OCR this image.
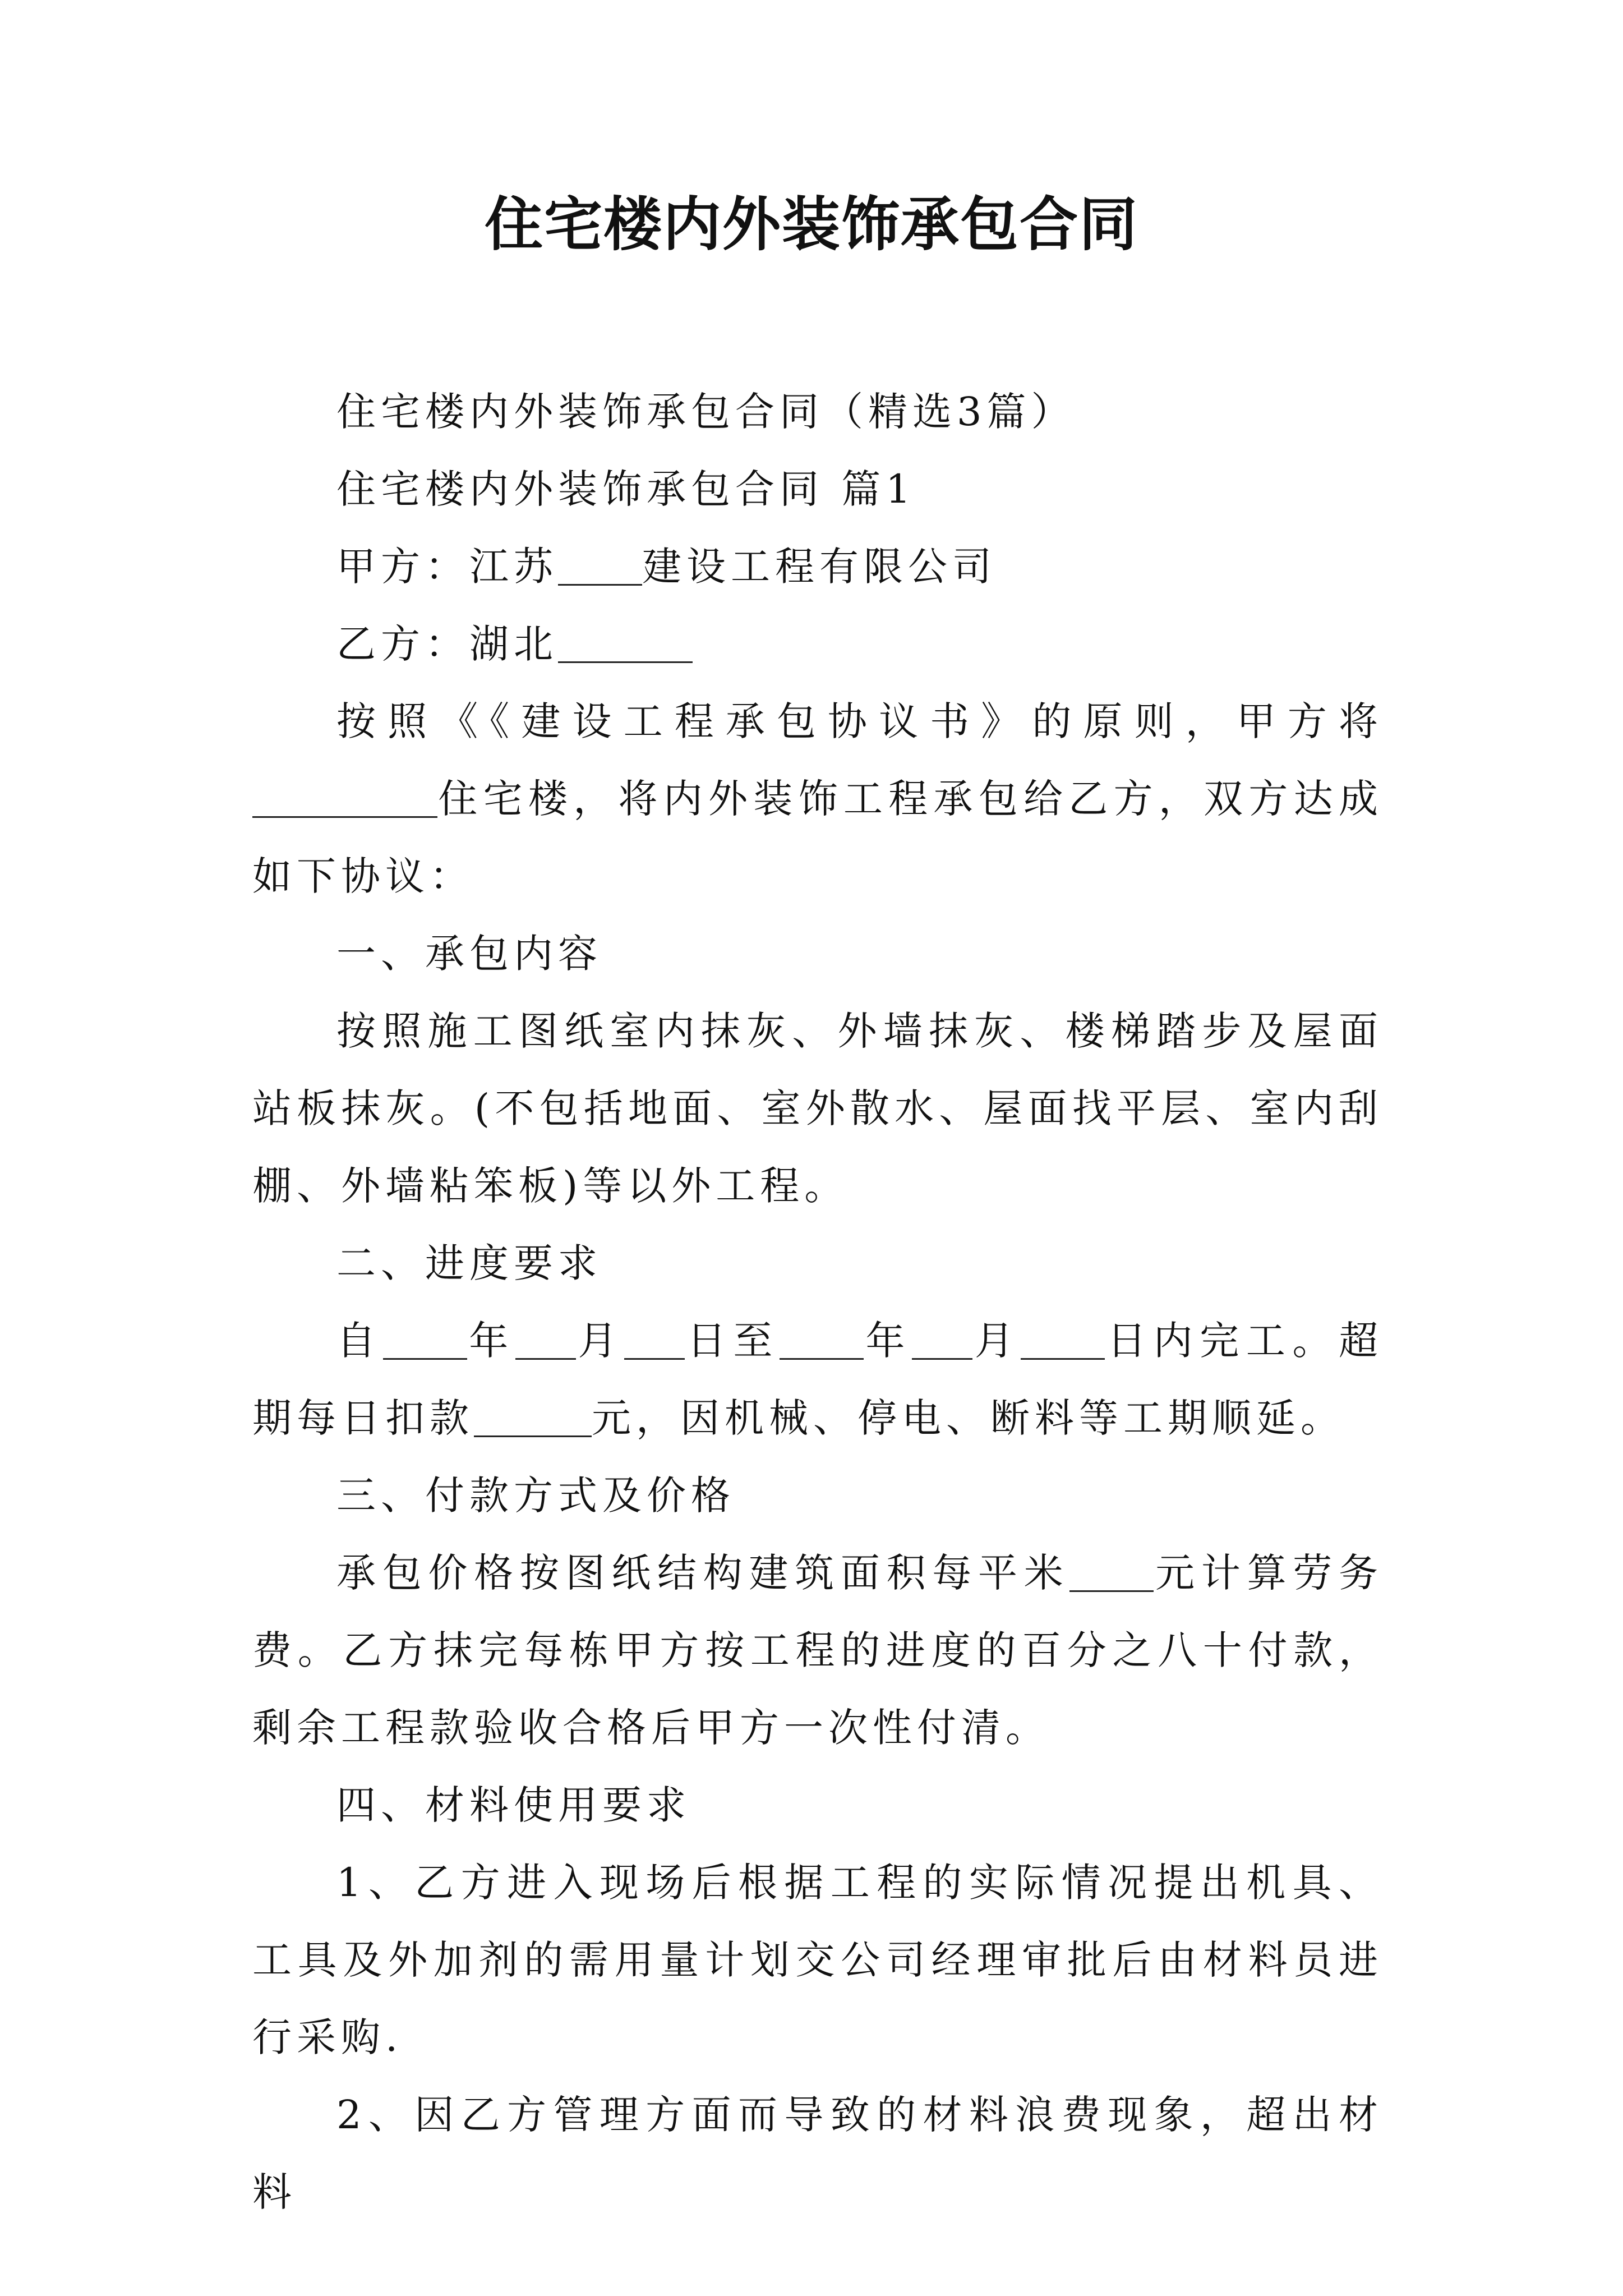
住宅楼内外装饰承包合同

住宅楼内外装饰承包合同（精选3篇）

住宅楼内外装饰承包合同 篇1

甲方：江苏 建设工程有限公司

乙方：湖北

按照《《建设工程承包协议书》的原则，甲方将住宅楼，将内外装饰工程承包给乙方，双方达成如下协议：

一、承包内容

按照施工图纸室内抹灰、外墙抹灰、楼梯踏步及屋面站板抹灰。(不包括地面、室外散水、屋面找平层、室内刮棚、外墙粘笨板)等以外工程。

二、进度要求

自 年 月 日至 年 月 日内完工。超期每日扣款	元，因机械、停电、断料等工期顺延。

三、付款方式及价格

承包价格按图纸结构建筑面积每平米 元计算劳务费。乙方抹完每栋甲方按工程的进度的百分之八十付款，剩余工程款验收合格后甲方一次性付清。

四、材料使用要求

1、乙方进入现场后根据工程的实际情况提出机具、工具及外加剂的需用量计划交公司经理审批后由材料员进行采购.

2、因乙方管理方面而导致的材料浪费现象，超出材料
